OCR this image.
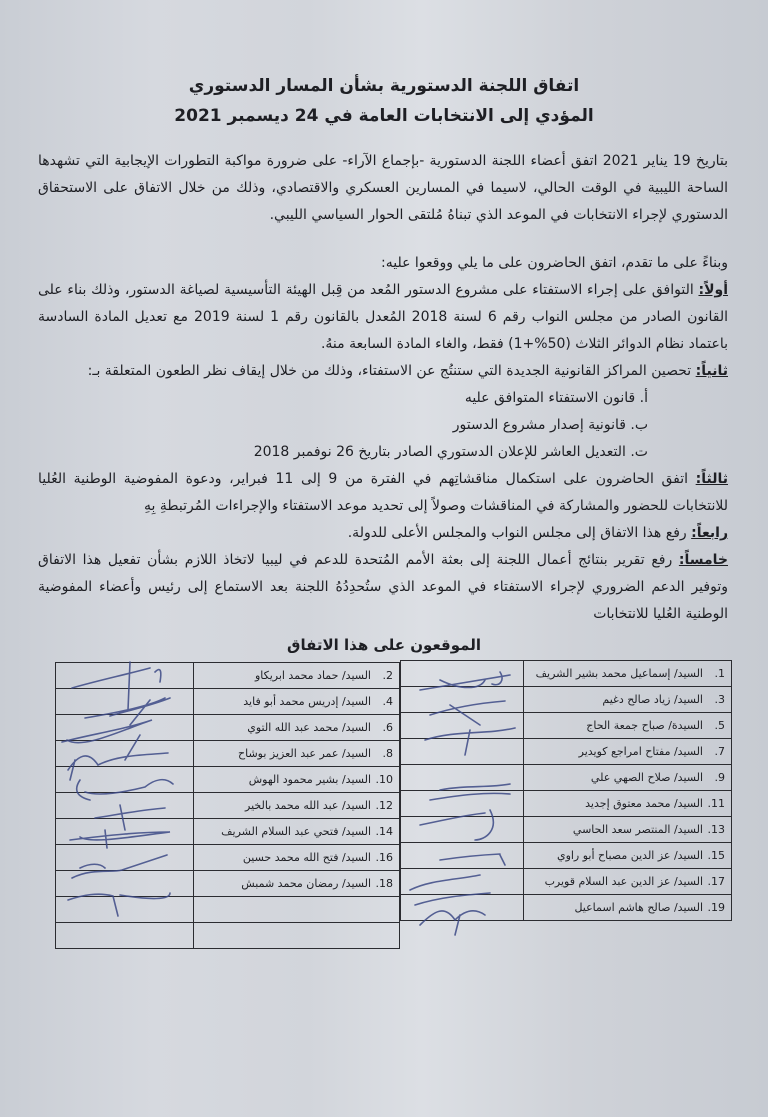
اتفاق اللجنة الدستورية بشأن المسار الدستوري
المؤدي إلى الانتخابات العامة في 24 ديسمبر 2021

بتاريخ 19 يناير 2021 اتفق أعضاء اللجنة الدستورية -بإجماع الآراء- على ضرورة مواكبة التطورات الإيجابية التي تشهدها الساحة الليبية في الوقت الحالي، لاسيما في المسارين العسكري والاقتصادي، وذلك من خلال الاتفاق على الاستحقاق الدستوري لإجراء الانتخابات في الموعد الذي تبناهُ مُلتقى الحوار السياسي الليبي.

وبناءً على ما تقدم، اتفق الحاضرون على ما يلي ووقعوا عليه:

أولاً: التوافق على إجراء الاستفتاء على مشروع الدستور المُعد من قِبل الهيئة التأسيسية لصياغة الدستور، وذلك بناء على القانون الصادر من مجلس النواب رقم 6 لسنة 2018 المُعدل بالقانون رقم 1 لسنة 2019 مع تعديل المادة السادسة باعتماد نظام الدوائر الثلاث (50%+1) فقط، والغاء المادة السابعة منهُ.

ثانياً: تحصين المراكز القانونية الجديدة التي ستنتُج عن الاستفتاء، وذلك من خلال إيقاف نظر الطعون المتعلقة بـ:

أ. قانون الاستفتاء المتوافق عليه

ب. قانونية إصدار مشروع الدستور

ت. التعديل العاشر للإعلان الدستوري الصادر بتاريخ 26 نوفمبر 2018

ثالثاً: اتفق الحاضرون على استكمال مناقشاتِهم في الفترة من 9 إلى 11 فبراير، ودعوة المفوضية الوطنية العُليا للانتخابات للحضور والمشاركة في المناقشات وصولاً إلى تحديد موعد الاستفتاء والإجراءات المُرتبطةِ بِهِ

رابعاً: رفع هذا الاتفاق إلى مجلس النواب والمجلس الأعلى للدولة.

خامساً: رفع تقرير بنتائج أعمال اللجنة إلى بعثة الأمم المُتحدة للدعم في ليبيا لاتخاذ اللازم بشأن تفعيل هذا الاتفاق وتوفير الدعم الضروري لإجراء الاستفتاء في الموعد الذي ستُحدِدُهُ اللجنة بعد الاستماع إلى رئيس وأعضاء المفوضية الوطنية العُليا للانتخابات

الموقعون على هذا الاتفاق
1.السيد/ إسماعيل محمد بشير الشريف	
3.السيد/ زياد صالح دغيم	
5.السيدة/ صباح جمعة الحاج	
7.السيد/ مفتاح امراجع كويدير	
9.السيد/ صلاح الصهي علي	
11.السيد/ محمد معتوق إجديد	
13.السيد/ المنتصر سعد الحاسي	
15.السيد/ عز الدين مصباح أبو راوي	
17.السيد/ عز الدين عبد السلام قويرب	
19.السيد/ صالح هاشم اسماعيل	
2.السيد/ حماد محمد ابريكاو	
4.السيد/ إدريس محمد أبو فايد	
6.السيد/ محمد عبد الله التوي	
8.السيد/ عمر عبد العزيز بوشاح	
10.السيد/ بشير محمود الهوش	
12.السيد/ عبد الله محمد بالخير	
14.السيد/ فتحي عبد السلام الشريف	
16.السيد/ فتح الله محمد حسين	
18.السيد/ رمضان محمد شمبش	
